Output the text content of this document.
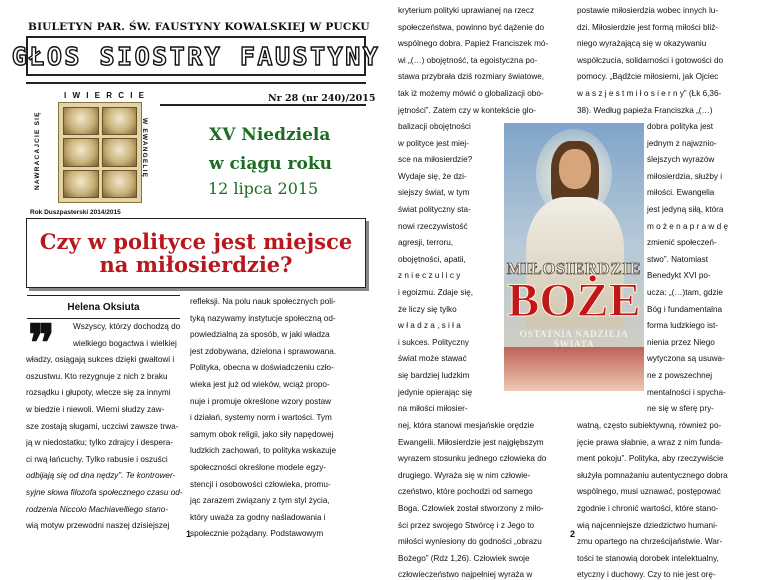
BIULETYN PAR. ŚW. FAUSTYNY KOWALSKIEJ W PUCKU
GŁOS SIOSTRY FAUSTYNY
I W I E R C I E	Nr 28 (nr 240)/2015
NAWRACAJCIE SIĘ	W EWANGELIĘ
Rok Duszpasterski 2014/2015
XV Niedziela
w ciągu roku
12 lipca 2015
Czy w polityce jest miejsce
na miłosierdzie?
Helena Oksiuta
❞ Wszyscy, którzy dochodzą do
wielkiego bogactwa i wielkiej
władzy, osiągają sukces dzięki gwałtowi i
oszustwu. Kto rezygnuje z nich z braku
rozsądku i głupoty, wlecze się za innymi
w biedzie i niewoli. Wierni słudzy zaw-
sze zostają sługami, uczciwi zawsze trwa-
ją w niedostatku; tylko zdrajcy i desperа-
ci rwą łańcuchy. Tylko rabusie i oszuści
odbijają się od dna nędzy”. Te kontrower-
syjne słowa filozofa społecznego czasu od-
rodzenia Niccolo Machiavelliego stano-
wią motyw przewodni naszej dzisiejszej
refleksji. Na polu nauk społecznych poli-
tyką nazywamy instytucje społeczną od-
powiedzialną za sposób, w jaki władza
jest zdobywana, dzielona i sprawowana.
Polityka, obecna w doświadczeniu czło-
wieka jest już od wieków, wciąż propo-
nuje i promuje określone wzory postaw
i działań, systemy norm i wartości. Tym
samym obok religii, jako siły napędowej
ludzkich zachowań, to polityka wskazuje
społeczności określone modele egzy-
stencji i osobowości człowieka, promu-
jąc zarazem związany z tym styl życia,
który uważa za godny naśladowania i
społecznie pożądany. Podstawowym
1
kryterium polityki uprawianej na rzecz
społeczeństwa, powinno być dążenie do
wspólnego dobra. Papież Franciszek mó-
wi „(…) obojętność, ta egoistyczna po-
stawa przybrała dziś rozmiary światowe,
tak iż możemy mówić o globalizacji obo-
jętności”. Zatem czy w kontekście glo-
balizacji obojętności
w polityce jest miej-
sce na miłosierdzie?
Wydaje się, że dzi-
siejszy świat, w tym
świat polityczny sta-
nowi rzeczywistość
agresji, terroru,
obojętności, apatii,
z n i e c z u l i c y
i egoizmu. Zdaje się,
że liczy się tylko
w ł a d z a , s i ł a
i sukces. Polityczny
świat może stawać
się bardziej ludzkim
jedynie opierając się
na miłości miłosier-
nej, która stanowi mesjańskie orędzie
Ewangelii. Miłosierdzie jest najgłębszym
wyrazem stosunku jednego człowieka do
drugiego. Wyraża się w nim człowie-
czeństwo, które pochodzi od samego
Boga. Człowiek został stworzony z miło-
ści przez swojego Stwórcę i z Jego to
miłości wyniesiony do godności „obrazu
Bożego” (Rdz 1,26). Człowiek swoje
człowieczeństwo najpełniej wyraża w
postawie miłosierdzia wobec innych lu-
dzi. Miłosierdzie jest formą miłości bliź-
niego wyrażającą się w okazywaniu
współczucia, solidarności i gotowości do
pomocy. „Bądźcie miłosierni, jak Ojciec
w a s z j e s t m i ł o s i e r n y” (Łk 6,36-
38). Według papieża Franciszka „(…)
dobra polityka jest
jednym z najwznio-
ślejszych wyrazów
miłosierdzia, służby i
miłości. Ewangelia
jest jedyną siłą, która
m o ż e n a p r a w d ę
zmienić społeczeń-
stwo”. Natomiast
Benedykt XVI po-
ucza: „(…)tam, gdzie
Bóg i fundamentalna
forma ludzkiego ist-
nienia przez Niego
wytyczona są usuwa-
ne z powszechnej
mentalności i spycha-
ne się w sferę pry-
watną, często subiektywną, również po-
jęcie prawa słabnie, a wraz z nim funda-
ment pokoju”. Polityka, aby rzeczywiście
służyła pomnażaniu autentycznego dobra
wspólnego, musi uznawać, postępować
zgodnie i chronić wartości, które stano-
wią najcenniejsze dziedzictwo humani-
zmu opartego na chrześcijaństwie. War-
tości te stanowią dorobek intelektualny,
etyczny i duchowy. Czy to nie jest orę-
2
MIŁOSIERDZIE
BOŻE
OSTATNIA NADZIEJA ŚWIATA
